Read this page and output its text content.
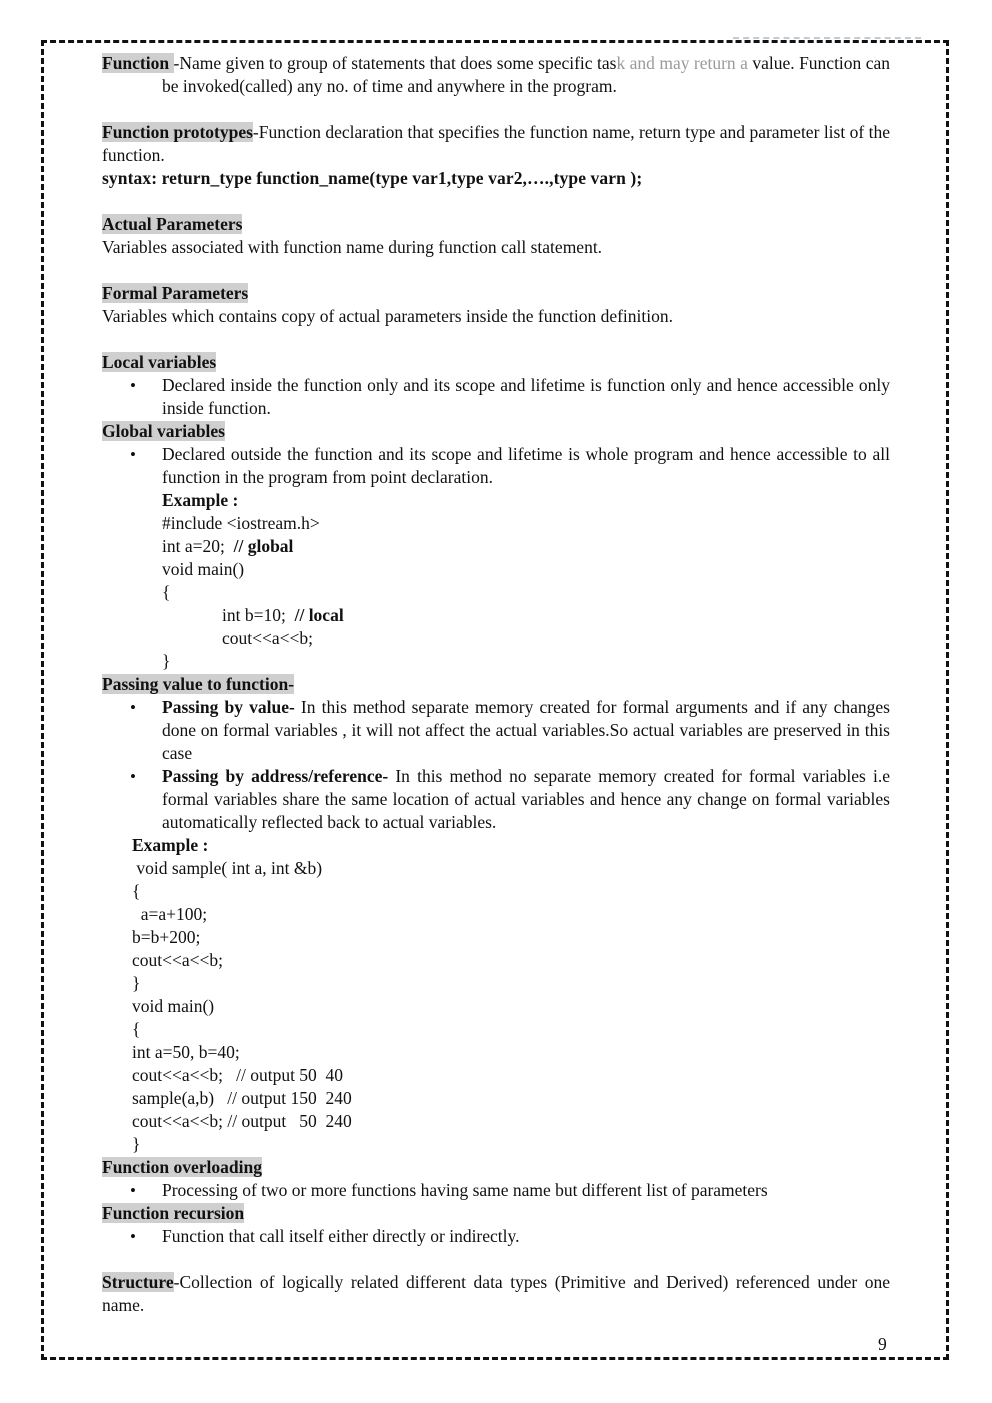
Function -Name given to group of statements that does some specific task and may return a value. Function can be invoked(called) any no. of time and anywhere in the program.

Function prototypes-Function declaration that specifies the function name, return type and parameter list of the function.

syntax: return_type function_name(type var1,type var2,….,type varn );

Actual Parameters

Variables associated with function name during function call statement.

Formal Parameters

Variables which contains copy of actual parameters inside the function definition.

Local variables

• Declared inside the function only and its scope and lifetime is function only and hence accessible only inside function.

Global variables

• Declared outside the function and its scope and lifetime is whole program and hence accessible to all function in the program from point declaration.
Example :
#include <iostream.h>
int a=20;  // global
void main()
{
int b=10;  // local
cout<<a<<b;
}

Passing value to function-

• Passing by value- In this method separate memory created for formal arguments and if any changes done on formal variables , it will not affect the actual variables.So actual variables are preserved in this case
• Passing by address/reference- In this method no separate memory created for formal variables i.e formal variables share the same location of actual variables and hence any change on formal variables automatically reflected back to actual variables.
Example :
void sample( int a, int &b)
{
a=a+100;
b=b+200;
cout<<a<<b;
}
void main()
{
int a=50, b=40;
cout<<a<<b;   // output 50  40
sample(a,b)   // output 150  240
cout<<a<<b; // output   50  240
}

Function overloading

• Processing of two or more functions having same name but different list of parameters

Function recursion

• Function that call itself either directly or indirectly.

Structure-Collection of logically related different data types (Primitive and Derived) referenced under one name.

9
